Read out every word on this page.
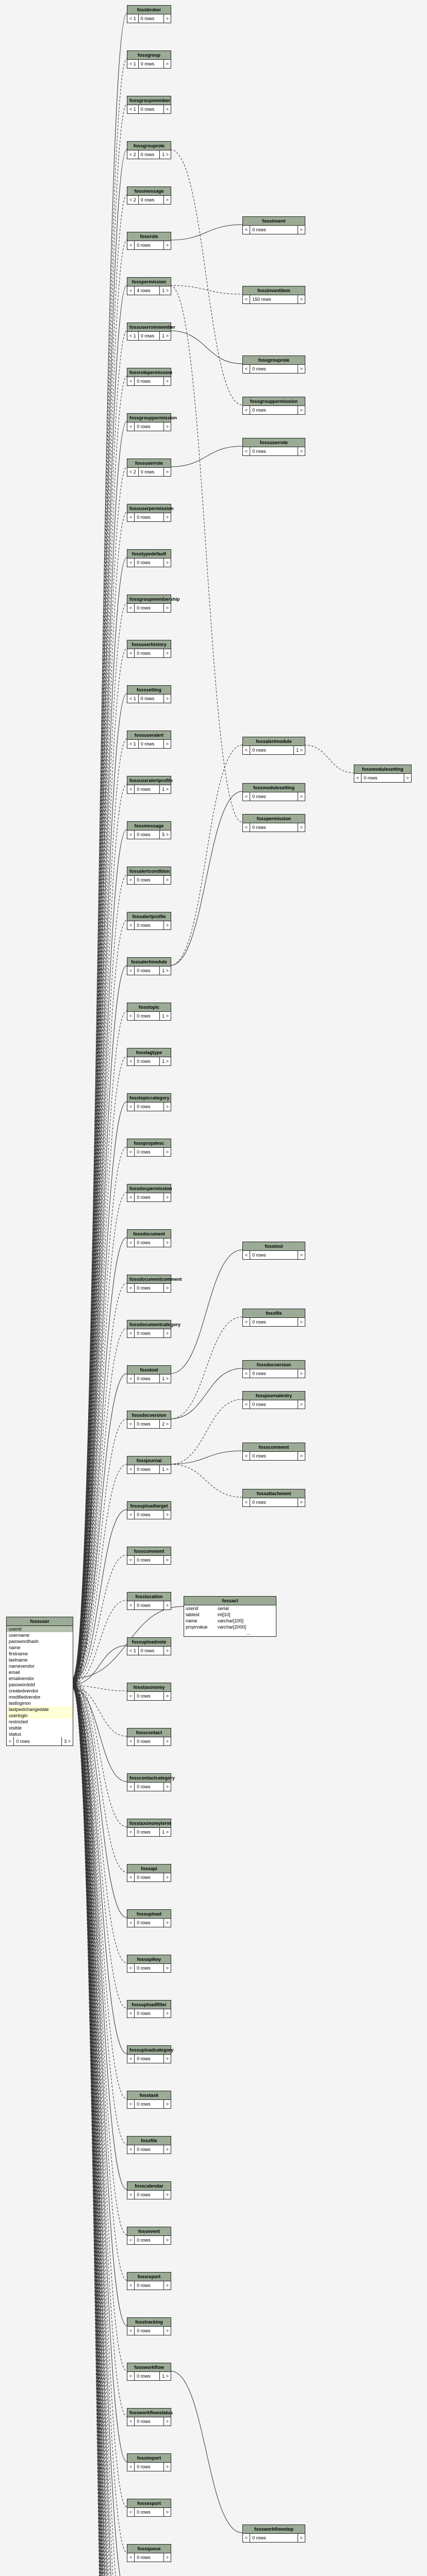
fossuser
userid
username
passwordhash
name
firstname
lastname
namevendor
email
emailvendor
passwordold
createdvendor
modifiedvendor
lastloginon
lastpwdchangedate
userlogin
restricted
visible
status
<	0 rows	3 >
fossbroker
< 1	0 rows	>
fossgroup
< 1	0 rows	>
fossgroupmember
< 1	0 rows	>
fossgrouprole
< 2	0 rows	1 >
fossmessage
< 2	0 rows	>
fossrole
<	0 rows	>
fosspermission
<	4 rows	1 >
fossuserrolemember
< 1	0 rows	1 >
fossrolepermission
<	0 rows	>
fossgrouppermission
<	0 rows	>
fossuserrole
< 2	0 rows	>
fossuserpermission
<	0 rows	>
fosstypedefault
<	0 rows	>
fossgroupmembership
<	0 rows	>
fossuserhistory
<	0 rows	>
fosssetting
< 1	0 rows	>
fossuseralert
< 1	0 rows	>
fossuseralertprofile
<	0 rows	1 >
fossmessage
<	0 rows	5 >
fossalertcondition
<	0 rows	>
fossalertprofile
<	0 rows	>
fossalertmodule
<	0 rows	1 >
fosstopic
<	0 rows	1 >
fosstagtype
<	0 rows	1 >
fosstopiccategory
<	0 rows	>
fosspropdesc
<	0 rows	>
fossdocpermission
<	0 rows	>
fossdocument
<	0 rows	>
fossdocumentcomment
<	0 rows	>
fossdocumentcategory
<	0 rows	>
fosstool
<	0 rows	1 >
fossdocversion
<	0 rows	2 >
fossjournal
<	0 rows	1 >
fossuploadtarget
<	0 rows	>
fosscomment
<	0 rows	>
fosslocation
<	0 rows	>
fossuploadnote
< 1	0 rows	>
fosstaxonomy
<	0 rows	>
fosscontact
<	0 rows	>
fosscontactcategory
<	0 rows	>
fosstaxonomyterm
<	0 rows	1 >
fossapi
<	0 rows	>
fossupload
<	0 rows	>
fossapikey
<	0 rows	>
fossuploadfilter
<	0 rows	>
fossuploadcategory
<	0 rows	>
fosstask
<	0 rows	>
fossfile
<	0 rows	>
fosscalendar
<	0 rows	>
fossevent
<	0 rows	>
fossreport
<	0 rows	>
fosstracking
<	0 rows	>
fossworkflow
<	0 rows	1 >
fossworkflowstatus
<	0 rows	>
fossimport
<	0 rows	>
fossexport
<	0 rows	>
fossqueue
<	0 rows	>
fossacl
userid	serial
tableid	int[10]
name	varchar[100]
proprvalue	varchar[2000]
...
fossinvent
<	0 rows	>
fossinventitem
<	150 rows	>
fossgrouprole
<	0 rows	>
fossgrouppermission
<	0 rows	>
fossuserrole
<	0 rows	>
fossalertmodule
<	0 rows	1 >
fossmodulesetting
<	0 rows	>
fosspermission
<	0 rows	>
fosstool
<	0 rows	>
fossfile
<	0 rows	>
fossdocversion
<	0 rows	>
fossjournalentry
<	0 rows	>
fosscomment
<	0 rows	>
fossattachment
<	0 rows	>
fossworkflowstep
<	0 rows	>
fossmodulesetting
<	0 rows	>
